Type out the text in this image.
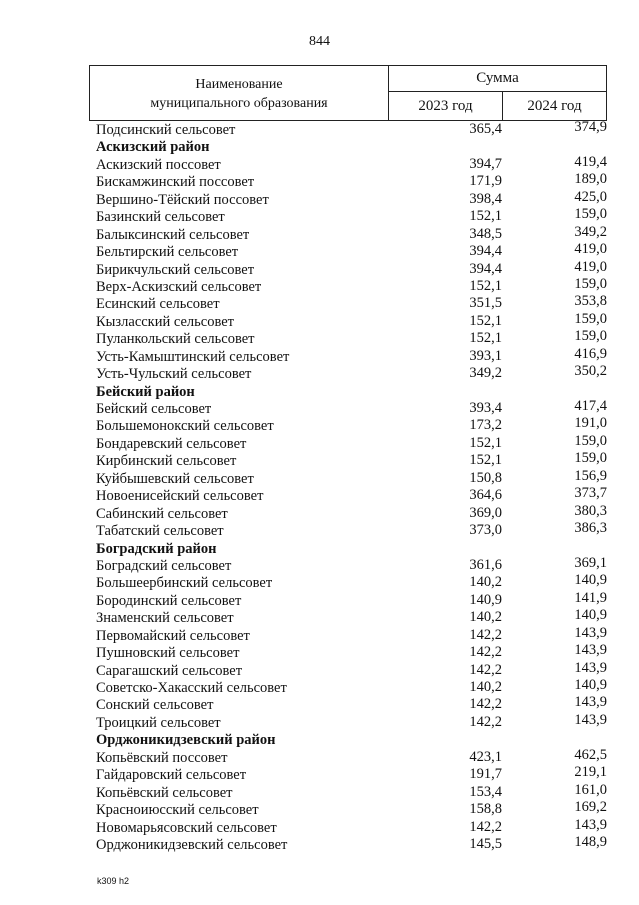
844
Наименование
муниципального образования
Сумма
2023 год	2024 год
Подсинский сельсовет	365,4	374,9
Аскизский район
Аскизский поссовет	394,7	419,4
Бискамжинский поссовет	171,9	189,0
Вершино-Тёйский поссовет	398,4	425,0
Базинский сельсовет	152,1	159,0
Балыксинский сельсовет	348,5	349,2
Бельтирский сельсовет	394,4	419,0
Бирикчульский сельсовет	394,4	419,0
Верх-Аскизский сельсовет	152,1	159,0
Есинский сельсовет	351,5	353,8
Кызласский сельсовет	152,1	159,0
Пуланкольский сельсовет	152,1	159,0
Усть-Камыштинский сельсовет	393,1	416,9
Усть-Чульский сельсовет	349,2	350,2
Бейский район
Бейский сельсовет	393,4	417,4
Большемонокский сельсовет	173,2	191,0
Бондаревский сельсовет	152,1	159,0
Кирбинский сельсовет	152,1	159,0
Куйбышевский сельсовет	150,8	156,9
Новоенисейский сельсовет	364,6	373,7
Сабинский сельсовет	369,0	380,3
Табатский сельсовет	373,0	386,3
Боградский район
Боградский сельсовет	361,6	369,1
Большеербинский сельсовет	140,2	140,9
Бородинский сельсовет	140,9	141,9
Знаменский сельсовет	140,2	140,9
Первомайский сельсовет	142,2	143,9
Пушновский сельсовет	142,2	143,9
Сарагашский сельсовет	142,2	143,9
Советско-Хакасский сельсовет	140,2	140,9
Сонский сельсовет	142,2	143,9
Троицкий сельсовет	142,2	143,9
Орджоникидзевский район
Копьёвский поссовет	423,1	462,5
Гайдаровский сельсовет	191,7	219,1
Копьёвский сельсовет	153,4	161,0
Красноиюсский сельсовет	158,8	169,2
Новомарьясовский сельсовет	142,2	143,9
Орджоникидзевский сельсовет	145,5	148,9
k309 h2
